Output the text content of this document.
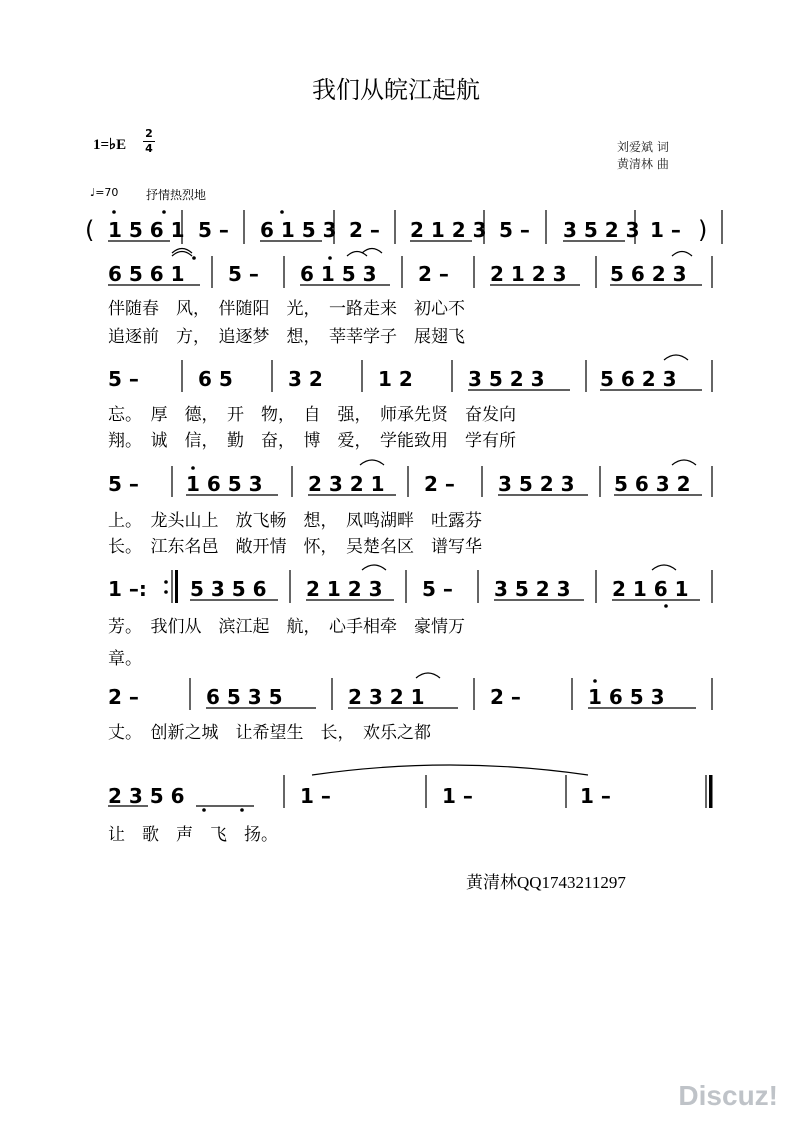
我们从皖江起航
1=♭E
2
4	刘爱斌 词
黄清林 曲
♩=70 抒情热烈地
( 1 5 6 1 5 – 6 1 5 3 2 – 2 1 2 3 5 – 3 5 2 3 1 – )
6 5 6 1 5 – 6 1 5 3 2 – 2 1 2 3 5 6 2 3
伴随春　风，　伴随阳　光，　一路走来　初心不
追逐前　方，　追逐梦　想，　莘莘学子　展翅飞
5 –	6 5	3 2	1 2	3 5 2 3	5 6 2 3
忘。　厚　德，　开　物，　自　强，　师承先贤　奋发向
翔。　诚　信，　勤　奋，　博　爱，　学能致用　学有所
5 – 1 6 5 3 2 3 2 1 2 – 3 5 2 3 5 6 3 2
上。　龙头山上　放飞畅　想，　凤鸣湖畔　吐露芬
长。　江东名邑　敞开情　怀，　吴楚名区　谱写华
1 –: 5 3 5 6 2 1 2 3 5 – 3 5 2 3 2 1 6 1
芳。　我们从　滨江起　航，　心手相牵　豪情万
章。
2 –	6 5 3 5	2 3 2 1	2 –	1 6 5 3
丈。　创新之城　让希望生　长，　欢乐之都
2 3 5 6	1 –	1 –	1 –
让　歌　声　飞　扬。
黄清林QQ1743211297
Discuz!
